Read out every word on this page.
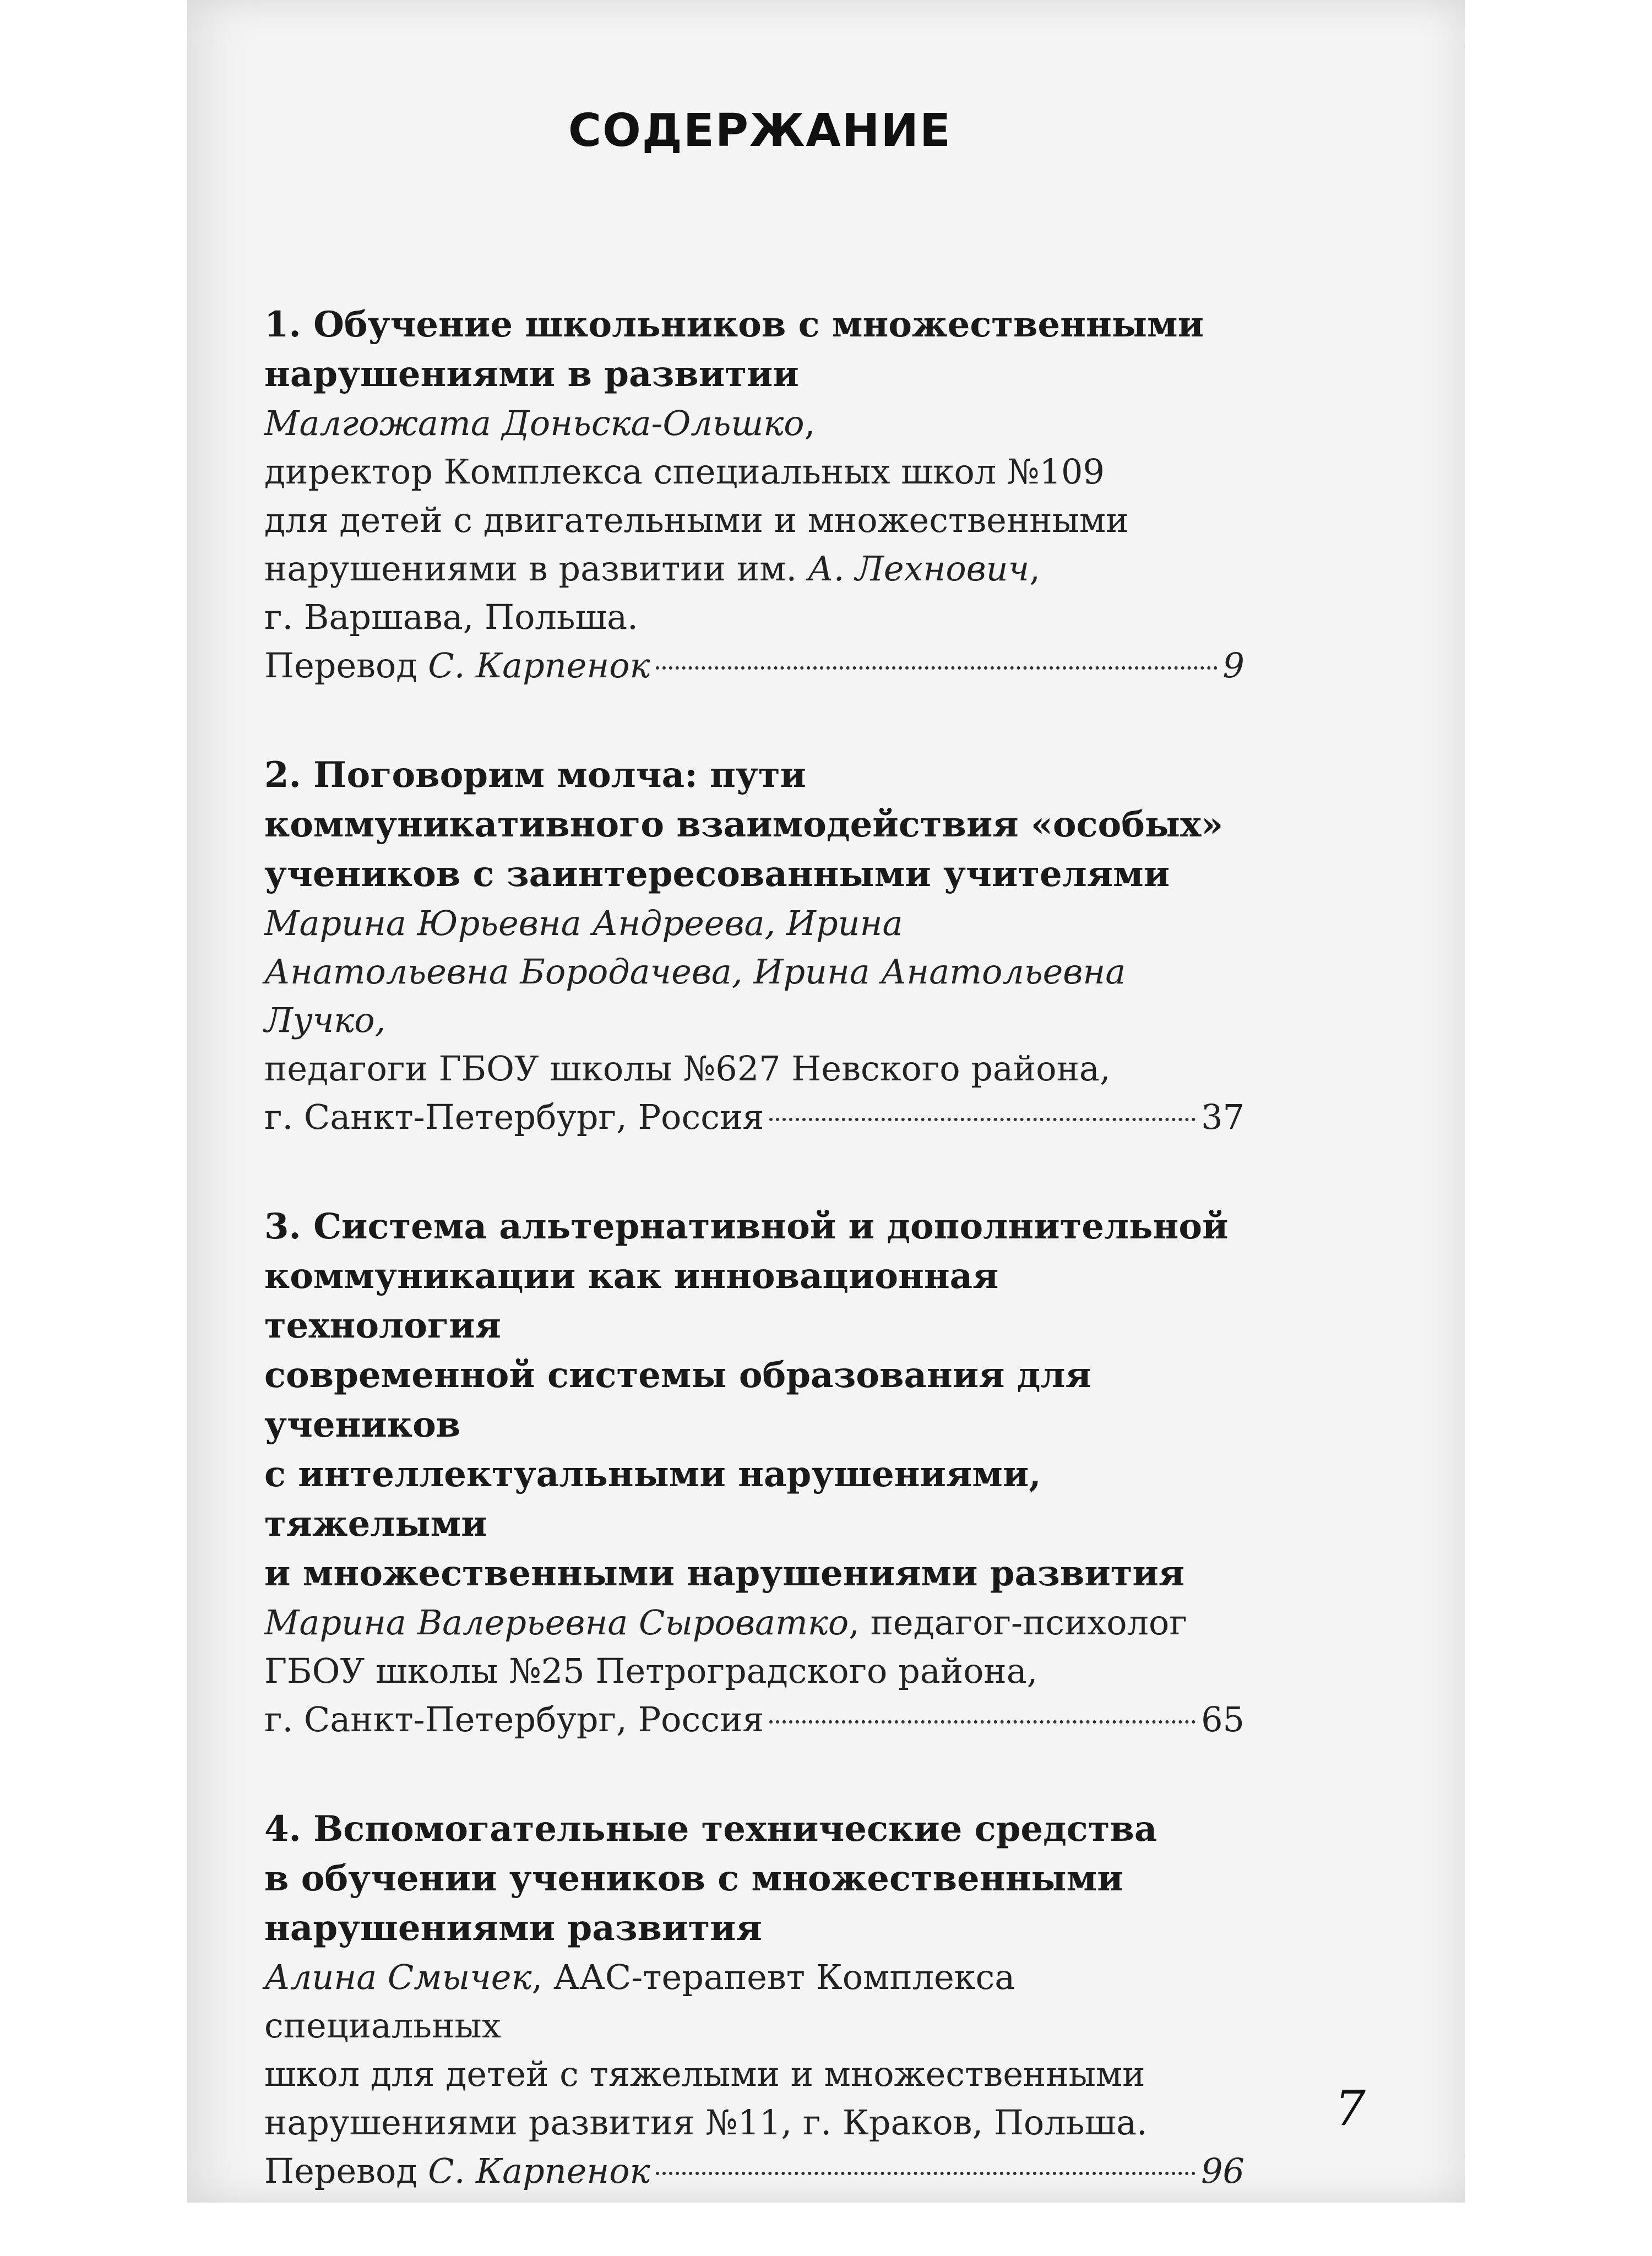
СОДЕРЖАНИЕ
1. Обучение школьников с множественными
нарушениями в развитии
Малгожата Доньска-Ольшко,
директор Комплекса специальных школ №109
для детей с двигательными и множественными
нарушениями в развитии им. А. Лехнович,
г. Варшава, Польша.
Перевод С. Карпенок	9
2. Поговорим молча: пути
коммуникативного взаимодействия «особых»
учеников с заинтересованными учителями
Марина Юрьевна Андреева, Ирина
Анатольевна Бородачева, Ирина Анатольевна Лучко,
педагоги ГБОУ школы №627 Невского района,
г. Санкт-Петербург, Россия	37
3. Система альтернативной и дополнительной
коммуникации как инновационная технология
современной системы образования для учеников
с интеллектуальными нарушениями, тяжелыми
и множественными нарушениями развития
Марина Валерьевна Сыроватко, педагог-психолог
ГБОУ школы №25 Петроградского района,
г. Санкт-Петербург, Россия	65
4. Вспомогательные технические средства
в обучении учеников с множественными
нарушениями развития
Алина Смычек, ААС-терапевт Комплекса специальных
школ для детей с тяжелыми и множественными
нарушениями развития №11, г. Краков, Польша.
Перевод С. Карпенок	96
7
